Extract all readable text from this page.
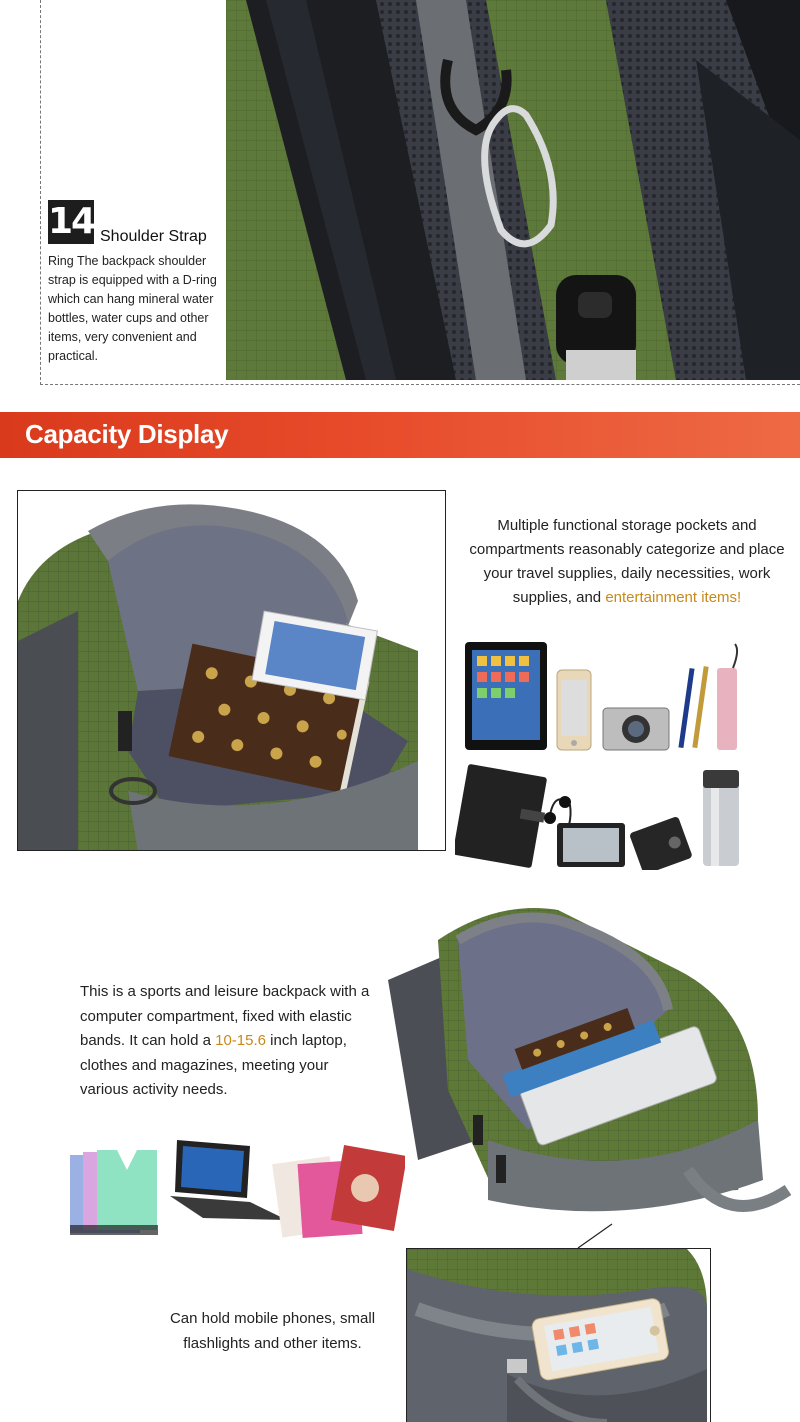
14 Shoulder Strap
Ring The backpack shoulder strap is equipped with a D-ring which can hang mineral water bottles, water cups and other items, very convenient and practical.
Capacity Display
Multiple functional storage pockets and compartments reasonably categorize and place your travel supplies, daily necessities, work supplies, and entertainment items!
This is a sports and leisure backpack with a computer compartment, fixed with elastic bands. It can hold a 10-15.6 inch laptop, clothes and magazines, meeting your various activity needs.
Can hold mobile phones, small flashlights and other items.
